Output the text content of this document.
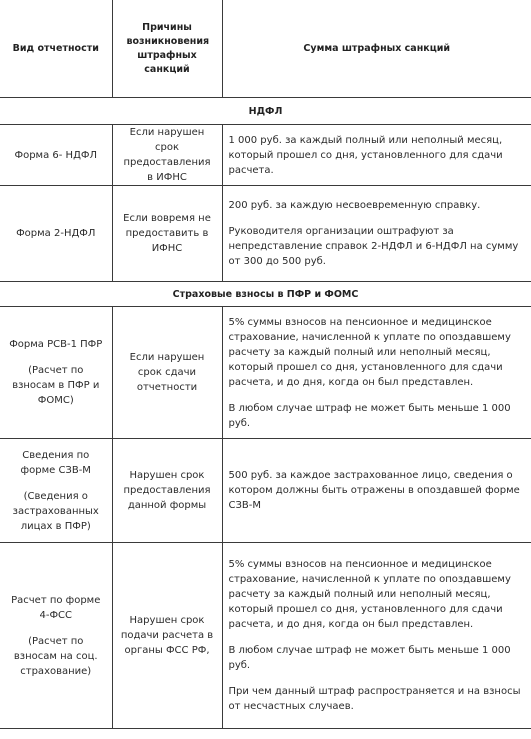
Вид отчетности	Причины возникновения штрафных санкций	Сумма штрафных санкций
НДФЛ		

Форма 6- НДФЛ	Если нарушен срок предоставления в ИФНС	1 000 руб. за каждый полный или неполный месяц, который прошел со дня, установленного для сдачи расчета.

Форма 2-НДФЛ	Если вовремя не предоставить в ИФНС	200 руб. за каждую несвоевременную справку.
Руководителя организации оштрафуют за непредставление справок 2-НДФЛ и 6-НДФЛ на сумму от 300 до 500 руб.

Страховые взносы в ПФР и ФОМС		

Форма РСВ-1 ПФР
(Расчет по взносам в ПФР и ФОМС)	Если нарушен срок сдачи отчетности	5% суммы взносов на пенсионное и медицинское страхование, начисленной к уплате по опоздавшему расчету за каждый полный или неполный месяц, который прошел со дня, установленного для сдачи расчета, и до дня, когда он был представлен.
В любом случае штраф не может быть меньше 1 000 руб.

Сведения по форме СЗВ-М
(Сведения о застрахованных лицах в ПФР)	Нарушен срок предоставления данной формы	500 руб. за каждое застрахованное лицо, сведения о котором должны быть отражены в опоздавшей форме СЗВ-М

Расчет по форме 4-ФСС
(Расчет по взносам на соц. страхование)	Нарушен срок подачи расчета в органы ФСС РФ,	5% суммы взносов на пенсионное и медицинское страхование, начисленной к уплате по опоздавшему расчету за каждый полный или неполный месяц, который прошел со дня, установленного для сдачи расчета, и до дня, когда он был представлен.
В любом случае штраф не может быть меньше 1 000 руб.
При чем данный штраф распространяется и на взносы от несчастных случаев.
